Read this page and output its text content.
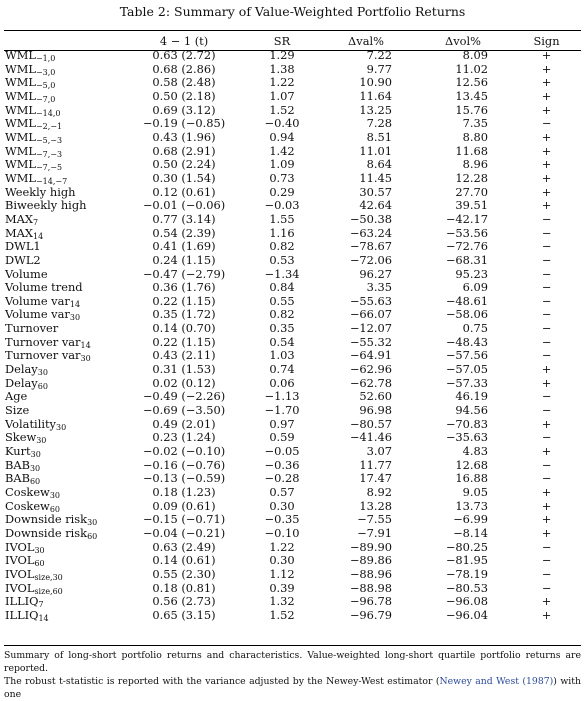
Table 2: Summary of Value-Weighted Portfolio Returns
	4 − 1 (t)	SR	Δval%	Δvol%	Sign
$WML_{-1,0}$	0.63 (2.72)	1.29	7.22	8.09	+
$WML_{-3,0}$	0.68 (2.86)	1.38	9.77	11.02	+
$WML_{-5,0}$	0.58 (2.48)	1.22	10.90	12.56	+
$WML_{-7,0}$	0.50 (2.18)	1.07	11.64	13.45	+
$WML_{-14,0}$	0.69 (3.12)	1.52	13.25	15.76	+
$WML_{-2,-1}$	−0.19 (−0.85)	−0.40	7.28	7.35	−
$WML_{-5,-3}$	0.43 (1.96)	0.94	8.51	8.80	+
$WML_{-7,-3}$	0.68 (2.91)	1.42	11.01	11.68	+
$WML_{-7,-5}$	0.50 (2.24)	1.09	8.64	8.96	+
$WML_{-14,-7}$	0.30 (1.54)	0.73	11.45	12.28	+
Weekly high	0.12 (0.61)	0.29	30.57	27.70	+
Biweekly high	−0.01 (−0.06)	−0.03	42.64	39.51	+
$MAX_7$	0.77 (3.14)	1.55	−50.38	−42.17	−
$MAX_{14}$	0.54 (2.39)	1.16	−63.24	−53.56	−
DWL1	0.41 (1.69)	0.82	−78.67	−72.76	−
DWL2	0.24 (1.15)	0.53	−72.06	−68.31	−
Volume	−0.47 (−2.79)	−1.34	96.27	95.23	−
Volume trend	0.36 (1.76)	0.84	3.35	6.09	−
Volume var$_{14}$	0.22 (1.15)	0.55	−55.63	−48.61	−
Volume var$_{30}$	0.35 (1.72)	0.82	−66.07	−58.06	−
Turnover	0.14 (0.70)	0.35	−12.07	0.75	−
Turnover var$_{14}$	0.22 (1.15)	0.54	−55.32	−48.43	−
Turnover var$_{30}$	0.43 (2.11)	1.03	−64.91	−57.56	−
Delay$_{30}$	0.31 (1.53)	0.74	−62.96	−57.05	+
Delay$_{60}$	0.02 (0.12)	0.06	−62.78	−57.33	+
Age	−0.49 (−2.26)	−1.13	52.60	46.19	−
Size	−0.69 (−3.50)	−1.70	96.98	94.56	−
Volatility$_{30}$	0.49 (2.01)	0.97	−80.57	−70.83	+
Skew$_{30}$	0.23 (1.24)	0.59	−41.46	−35.63	−
Kurt$_{30}$	−0.02 (−0.10)	−0.05	3.07	4.83	+
$BAB_{30}$	−0.16 (−0.76)	−0.36	11.77	12.68	−
$BAB_{60}$	−0.13 (−0.59)	−0.28	17.47	16.88	−
Coskew$_{30}$	0.18 (1.23)	0.57	8.92	9.05	+
Coskew$_{60}$	0.09 (0.61)	0.30	13.28	13.73	+
Downside risk$_{30}$	−0.15 (−0.71)	−0.35	−7.55	−6.99	+
Downside risk$_{60}$	−0.04 (−0.21)	−0.10	−7.91	−8.14	+
$IVOL_{30}$	0.63 (2.49)	1.22	−89.90	−80.25	−
$IVOL_{60}$	0.14 (0.61)	0.30	−89.86	−81.95	−
$IVOL_{size,30}$	0.55 (2.30)	1.12	−88.96	−78.19	−
$IVOL_{size,60}$	0.18 (0.81)	0.39	−88.98	−80.53	−
$ILLIQ_7$	0.56 (2.73)	1.32	−96.78	−96.08	+
$ILLIQ_{14}$	0.65 (3.15)	1.52	−96.79	−96.04	+
Summary of long-short portfolio returns and characteristics. Value-weighted long-short quartile portfolio returns are reported.
The robust t-statistic is reported with the variance adjusted by the Newey-West estimator (Newey and West (1987)) with one
